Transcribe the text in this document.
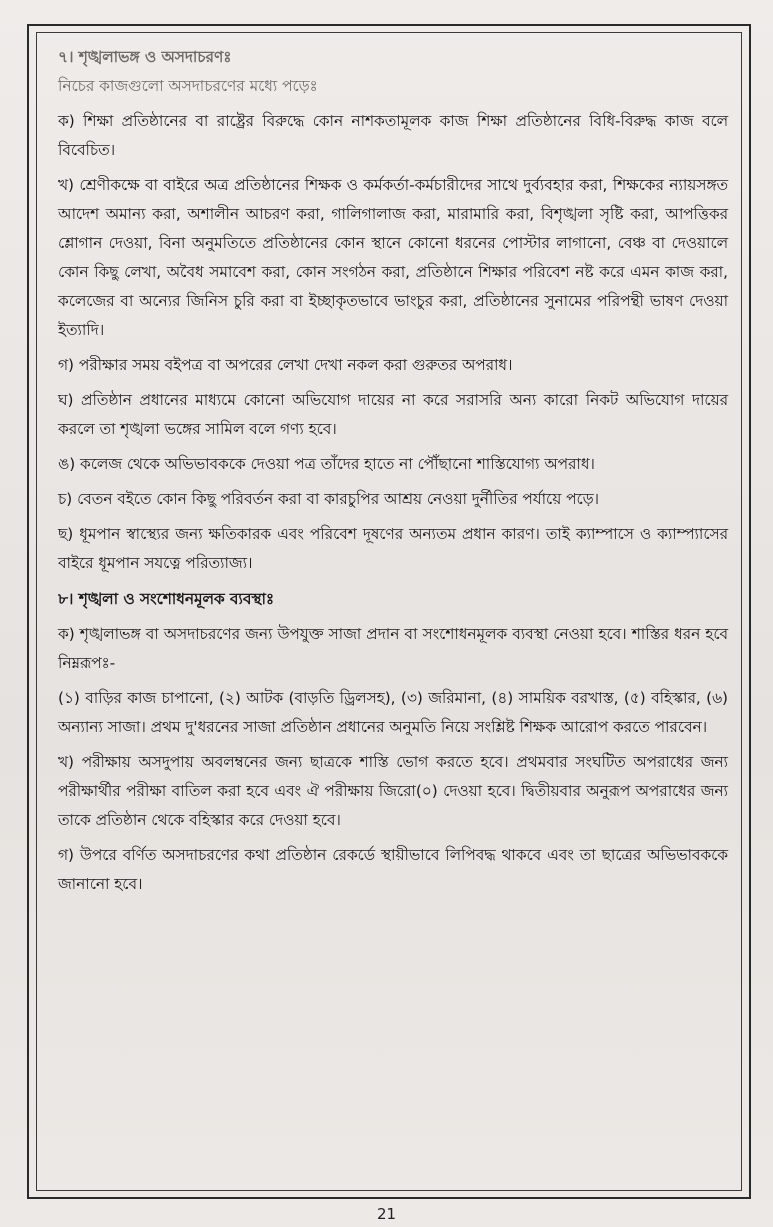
৭। শৃঙ্খলাভঙ্গ ও অসদাচরণঃ

নিচের কাজগুলো অসদাচরণের মধ্যে পড়েঃ

ক) শিক্ষা প্রতিষ্ঠানের বা রাষ্ট্রের বিরুদ্ধে কোন নাশকতামূলক কাজ শিক্ষা প্রতিষ্ঠানের বিধি-বিরুদ্ধ কাজ বলে বিবেচিত।

খ) শ্রেণীকক্ষে বা বাইরে অত্র প্রতিষ্ঠানের শিক্ষক ও কর্মকর্তা-কর্মচারীদের সাথে দুর্ব্যবহার করা, শিক্ষকের ন্যায়সঙ্গত আদেশ অমান্য করা, অশালীন আচরণ করা, গালিগালাজ করা, মারামারি করা, বিশৃঙ্খলা সৃষ্টি করা, আপত্তিকর শ্লোগান দেওয়া, বিনা অনুমতিতে প্রতিষ্ঠানের কোন স্থানে কোনো ধরনের পোস্টার লাগানো, বেঞ্চ বা দেওয়ালে কোন কিছু লেখা, অবৈধ সমাবেশ করা, কোন সংগঠন করা, প্রতিষ্ঠানে শিক্ষার পরিবেশ নষ্ট করে এমন কাজ করা, কলেজের বা অন্যের জিনিস চুরি করা বা ইচ্ছাকৃতভাবে ভাংচুর করা, প্রতিষ্ঠানের সুনামের পরিপন্থী ভাষণ দেওয়া ইত্যাদি।

গ) পরীক্ষার সময় বইপত্র বা অপরের লেখা দেখা নকল করা গুরুতর অপরাধ।

ঘ) প্রতিষ্ঠান প্রধানের মাধ্যমে কোনো অভিযোগ দায়ের না করে সরাসরি অন্য কারো নিকট অভিযোগ দায়ের করলে তা শৃঙ্খলা ভঙ্গের সামিল বলে গণ্য হবে।

ঙ) কলেজ থেকে অভিভাবককে দেওয়া পত্র তাঁদের হাতে না পৌঁছানো শাস্তিযোগ্য অপরাধ।

চ) বেতন বইতে কোন কিছু পরিবর্তন করা বা কারচুপির আশ্রয় নেওয়া দুর্নীতির পর্যায়ে পড়ে।

ছ) ধূমপান স্বাস্থ্যের জন্য ক্ষতিকারক এবং পরিবেশ দূষণের অন্যতম প্রধান কারণ। তাই ক্যাম্পাসে ও ক্যাম্প্যাসের বাইরে ধূমপান সযত্নে পরিত্যাজ্য।

৮। শৃঙ্খলা ও সংশোধনমূলক ব্যবস্থাঃ

ক) শৃঙ্খলাভঙ্গ বা অসদাচরণের জন্য উপযুক্ত সাজা প্রদান বা সংশোধনমূলক ব্যবস্থা নেওয়া হবে। শাস্তির ধরন হবে নিম্নরূপঃ-

(১) বাড়ির কাজ চাপানো, (২) আটক (বাড়তি ড্রিলসহ), (৩) জরিমানা, (৪) সাময়িক বরখাস্ত, (৫) বহিস্কার, (৬) অন্যান্য সাজা। প্রথম দু'ধরনের সাজা প্রতিষ্ঠান প্রধানের অনুমতি নিয়ে সংশ্লিষ্ট শিক্ষক আরোপ করতে পারবেন।

খ) পরীক্ষায় অসদুপায় অবলম্বনের জন্য ছাত্রকে শাস্তি ভোগ করতে হবে। প্রথমবার সংঘটিত অপরাধের জন্য পরীক্ষার্থীর পরীক্ষা বাতিল করা হবে এবং ঐ পরীক্ষায় জিরো(০) দেওয়া হবে। দ্বিতীয়বার অনুরূপ অপরাধের জন্য তাকে প্রতিষ্ঠান থেকে বহিস্কার করে দেওয়া হবে।

গ) উপরে বর্ণিত অসদাচরণের কথা প্রতিষ্ঠান রেকর্ডে স্থায়ীভাবে লিপিবদ্ধ থাকবে এবং তা ছাত্রের অভিভাবককে জানানো হবে।

21
